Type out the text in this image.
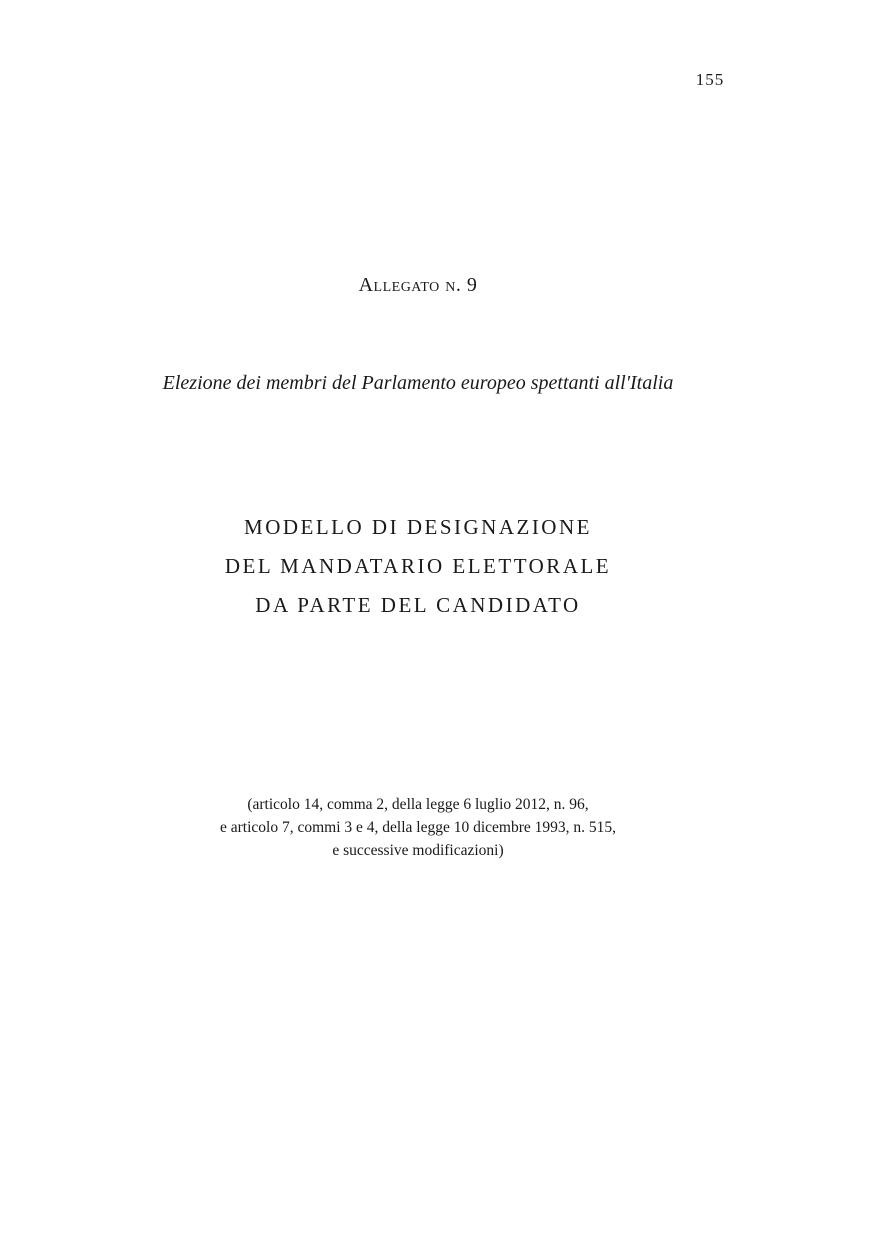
155
Allegato n. 9
Elezione dei membri del Parlamento europeo spettanti all'Italia
MODELLO DI DESIGNAZIONE
DEL MANDATARIO ELETTORALE
DA PARTE DEL CANDIDATO
(articolo 14, comma 2, della legge 6 luglio 2012, n. 96,
e articolo 7, commi 3 e 4, della legge 10 dicembre 1993, n. 515,
e successive modificazioni)
